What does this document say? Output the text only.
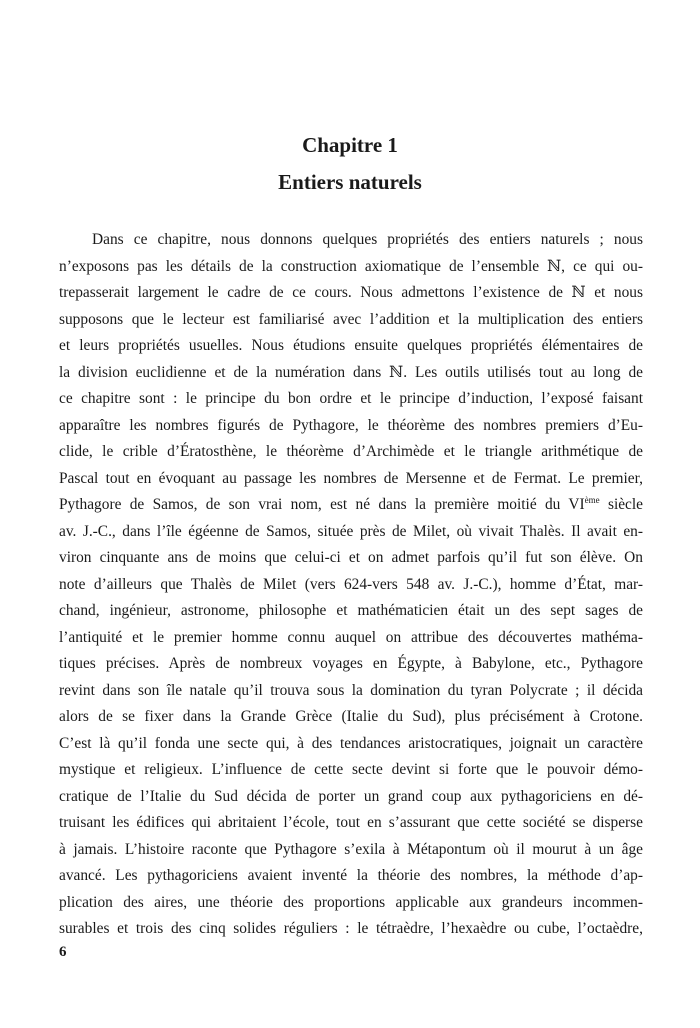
Chapitre 1

Entiers naturels

Dans ce chapitre, nous donnons quelques propriétés des entiers naturels ; nous
n’exposons pas les détails de la construction axiomatique de l’ensemble ℕ, ce qui ou-
trepasserait largement le cadre de ce cours. Nous admettons l’existence de ℕ et nous
supposons que le lecteur est familiarisé avec l’addition et la multiplication des entiers
et leurs propriétés usuelles. Nous étudions ensuite quelques propriétés élémentaires de
la division euclidienne et de la numération dans ℕ. Les outils utilisés tout au long de
ce chapitre sont : le principe du bon ordre et le principe d’induction, l’exposé faisant
apparaître les nombres figurés de Pythagore, le théorème des nombres premiers d’Eu-
clide, le crible d’Ératosthène, le théorème d’Archimède et le triangle arithmétique de
Pascal tout en évoquant au passage les nombres de Mersenne et de Fermat. Le premier,
Pythagore de Samos, de son vrai nom, est né dans la première moitié du VIème siècle
av. J.-C., dans l’île égéenne de Samos, située près de Milet, où vivait Thalès. Il avait en-
viron cinquante ans de moins que celui-ci et on admet parfois qu’il fut son élève. On
note d’ailleurs que Thalès de Milet (vers 624-vers 548 av. J.-C.), homme d’État, mar-
chand, ingénieur, astronome, philosophe et mathématicien était un des sept sages de
l’antiquité et le premier homme connu auquel on attribue des découvertes mathéma-
tiques précises. Après de nombreux voyages en Égypte, à Babylone, etc., Pythagore
revint dans son île natale qu’il trouva sous la domination du tyran Polycrate ; il décida
alors de se fixer dans la Grande Grèce (Italie du Sud), plus précisément à Crotone.
C’est là qu’il fonda une secte qui, à des tendances aristocratiques, joignait un caractère
mystique et religieux. L’influence de cette secte devint si forte que le pouvoir démo-
cratique de l’Italie du Sud décida de porter un grand coup aux pythagoriciens en dé-
truisant les édifices qui abritaient l’école, tout en s’assurant que cette société se disperse
à jamais. L’histoire raconte que Pythagore s’exila à Métapontum où il mourut à un âge
avancé. Les pythagoriciens avaient inventé la théorie des nombres, la méthode d’ap-
plication des aires, une théorie des proportions applicable aux grandeurs incommen-
surables et trois des cinq solides réguliers : le tétraèdre, l’hexaèdre ou cube, l’octaèdre,
6
